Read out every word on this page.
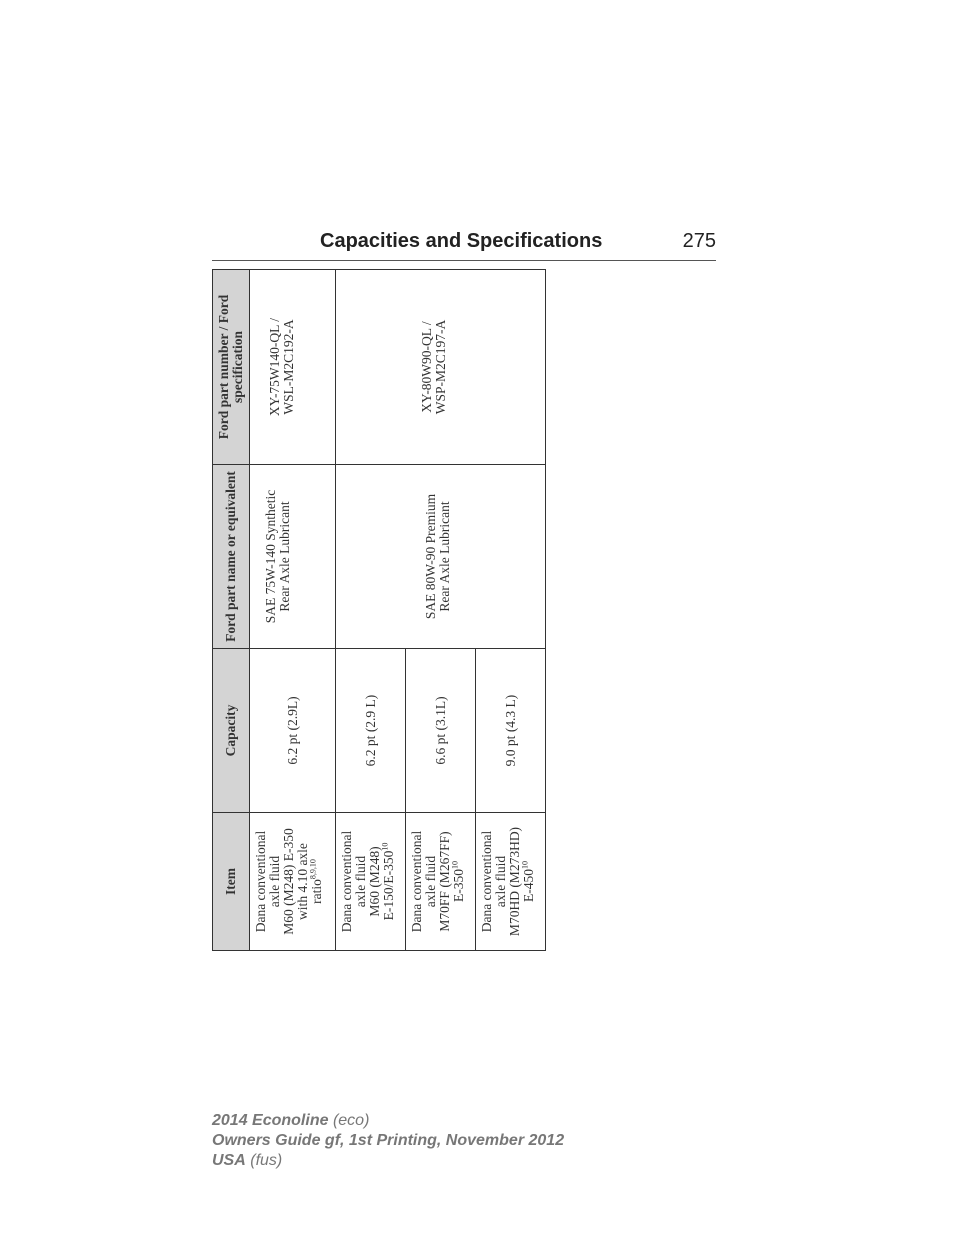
Capacities and Specifications	275
Item	Capacity	Ford part name or equivalent	Ford part number / Ford specification
Dana conventional
axle fluid
M60 (M248) E-350
with 4.10 axle
ratio$^{8,9,10}$	6.2 pt (2.9L)	SAE 75W-140 Synthetic
Rear Axle Lubricant	XY-75W140-QL /
WSL-M2C192-A
Dana conventional
axle fluid
M60 (M248)
$E-150/E-350^{10}$	6.2 pt (2.9 L)	SAE 80W-90 Premium
Rear Axle Lubricant	XY-80W90-QL /
WSP-M2C197-A
Dana conventional
axle fluid
M70FF (M267FF)
$E-350^{10}$	6.6 pt (3.1L)		
Dana conventional
axle fluid
M70HD (M273HD)
$E-450^{10}$	9.0 pt (4.3 L)		
2014 Econoline (eco)
Owners Guide gf, 1st Printing, November 2012
USA (fus)
